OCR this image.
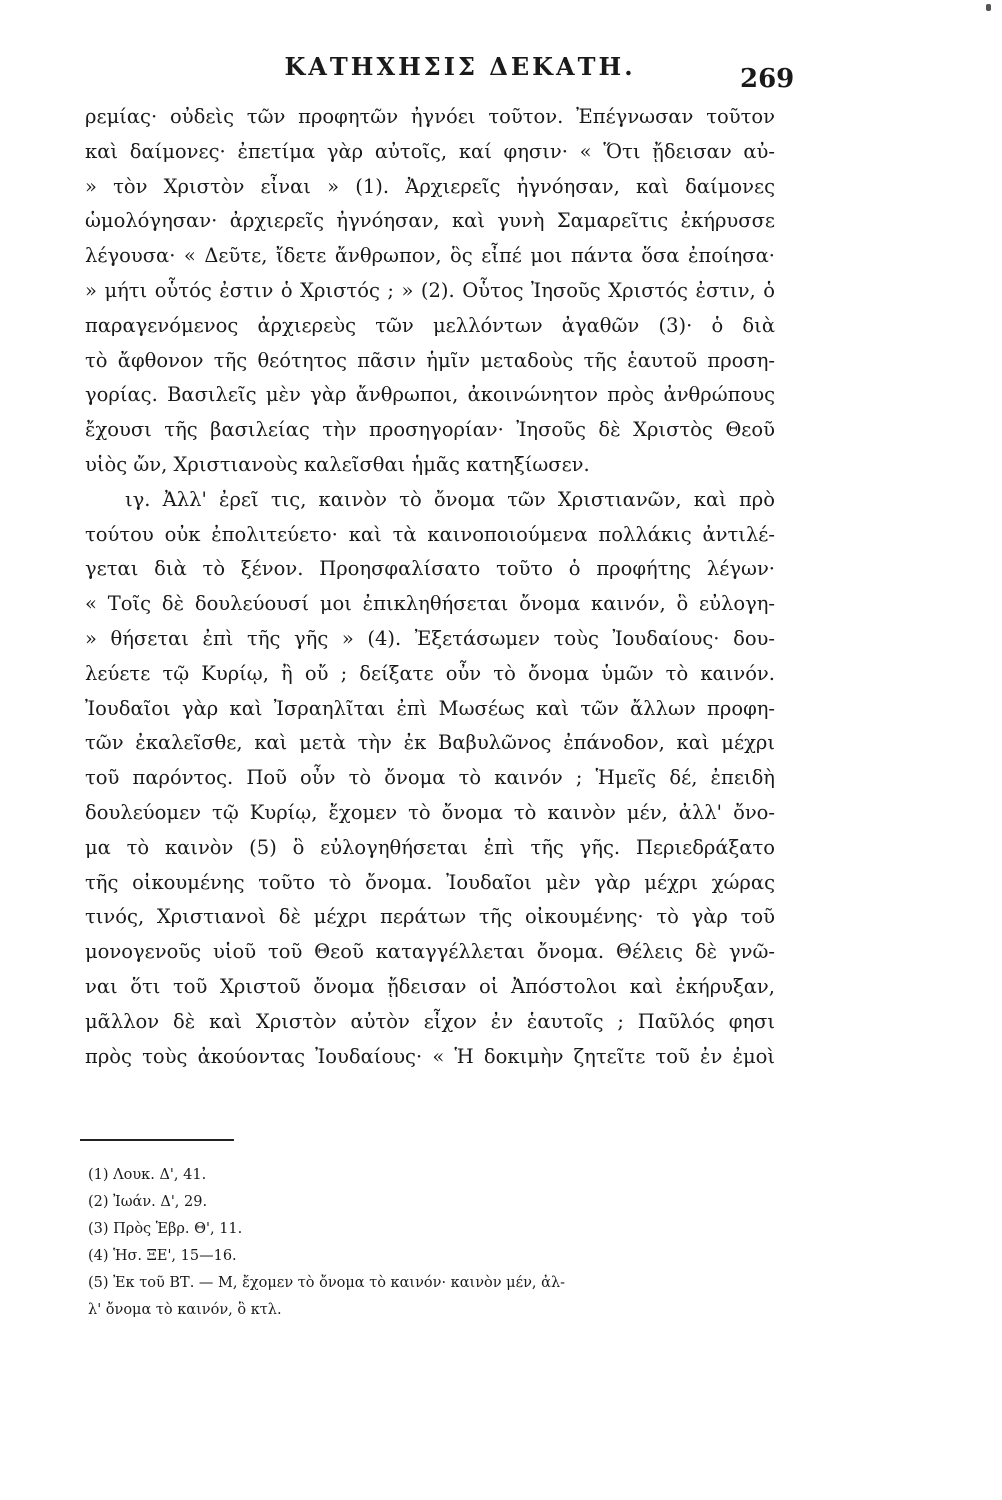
ΚΑΤΗΧΗΣΙΣ ΔΕΚΑΤΗ.	269
ρεμίας· οὐδεὶς τῶν προφητῶν ἠγνόει τοῦτον. Ἐπέγνωσαν τοῦτον
καὶ δαίμονες· ἐπετίμα γὰρ αὐτοῖς, καί φησιν· « Ὅτι ᾔδεισαν αὐ-
» τὸν Χριστὸν εἶναι » (1). Ἀρχιερεῖς ἠγνόησαν, καὶ δαίμονες
ὡμολόγησαν· ἀρχιερεῖς ἠγνόησαν, καὶ γυνὴ Σαμαρεῖτις ἐκήρυσσε
λέγουσα· « Δεῦτε, ἴδετε ἄνθρωπον, ὃς εἶπέ μοι πάντα ὅσα ἐποίησα·
» μήτι οὗτός ἐστιν ὁ Χριστός ; » (2). Οὗτος Ἰησοῦς Χριστός ἐστιν, ὁ
παραγενόμενος ἀρχιερεὺς τῶν μελλόντων ἀγαθῶν (3)· ὁ διὰ
τὸ ἄφθονον τῆς θεότητος πᾶσιν ἡμῖν μεταδοὺς τῆς ἑαυτοῦ προση-
γορίας. Βασιλεῖς μὲν γὰρ ἄνθρωποι, ἀκοινώνητον πρὸς ἀνθρώπους
ἔχουσι τῆς βασιλείας τὴν προσηγορίαν· Ἰησοῦς δὲ Χριστὸς Θεοῦ
υἱὸς ὤν, Χριστιανοὺς καλεῖσθαι ἡμᾶς κατηξίωσεν.
ιγ. Ἀλλ' ἐρεῖ τις, καινὸν τὸ ὄνομα τῶν Χριστιανῶν, καὶ πρὸ
τούτου οὐκ ἐπολιτεύετο· καὶ τὰ καινοποιούμενα πολλάκις ἀντιλέ-
γεται διὰ τὸ ξένον. Προησφαλίσατο τοῦτο ὁ προφήτης λέγων·
« Τοῖς δὲ δουλεύουσί μοι ἐπικληθήσεται ὄνομα καινόν, ὃ εὐλογη-
» θήσεται ἐπὶ τῆς γῆς » (4). Ἐξετάσωμεν τοὺς Ἰουδαίους· δου-
λεύετε τῷ Κυρίῳ, ἢ οὔ ; δείξατε οὖν τὸ ὄνομα ὑμῶν τὸ καινόν.
Ἰουδαῖοι γὰρ καὶ Ἰσραηλῖται ἐπὶ Μωσέως καὶ τῶν ἄλλων προφη-
τῶν ἐκαλεῖσθε, καὶ μετὰ τὴν ἐκ Βαβυλῶνος ἐπάνοδον, καὶ μέχρι
τοῦ παρόντος. Ποῦ οὖν τὸ ὄνομα τὸ καινόν ; Ἡμεῖς δέ, ἐπειδὴ
δουλεύομεν τῷ Κυρίῳ, ἔχομεν τὸ ὄνομα τὸ καινὸν μέν, ἀλλ' ὄνο-
μα τὸ καινὸν (5) ὃ εὐλογηθήσεται ἐπὶ τῆς γῆς. Περιεδράξατο
τῆς οἰκουμένης τοῦτο τὸ ὄνομα. Ἰουδαῖοι μὲν γὰρ μέχρι χώρας
τινός, Χριστιανοὶ δὲ μέχρι περάτων τῆς οἰκουμένης· τὸ γὰρ τοῦ
μονογενοῦς υἱοῦ τοῦ Θεοῦ καταγγέλλεται ὄνομα. Θέλεις δὲ γνῶ-
ναι ὅτι τοῦ Χριστοῦ ὄνομα ᾔδεισαν οἱ Ἀπόστολοι καὶ ἐκήρυξαν,
μᾶλλον δὲ καὶ Χριστὸν αὐτὸν εἶχον ἐν ἑαυτοῖς ; Παῦλός φησι
πρὸς τοὺς ἀκούοντας Ἰουδαίους· « Ἡ δοκιμὴν ζητεῖτε τοῦ ἐν ἐμοὶ
(1) Λουκ. Δ', 41.
(2) Ἰωάν. Δ', 29.
(3) Πρὸς Ἑβρ. Θ', 11.
(4) Ἡσ. ΞΕ', 15—16.
(5) Ἐκ τοῦ ΒΤ. — Μ, ἔχομεν τὸ ὄνομα τὸ καινόν· καινὸν μέν, ἀλ-
λ' ὄνομα τὸ καινόν, ὃ κτλ.
